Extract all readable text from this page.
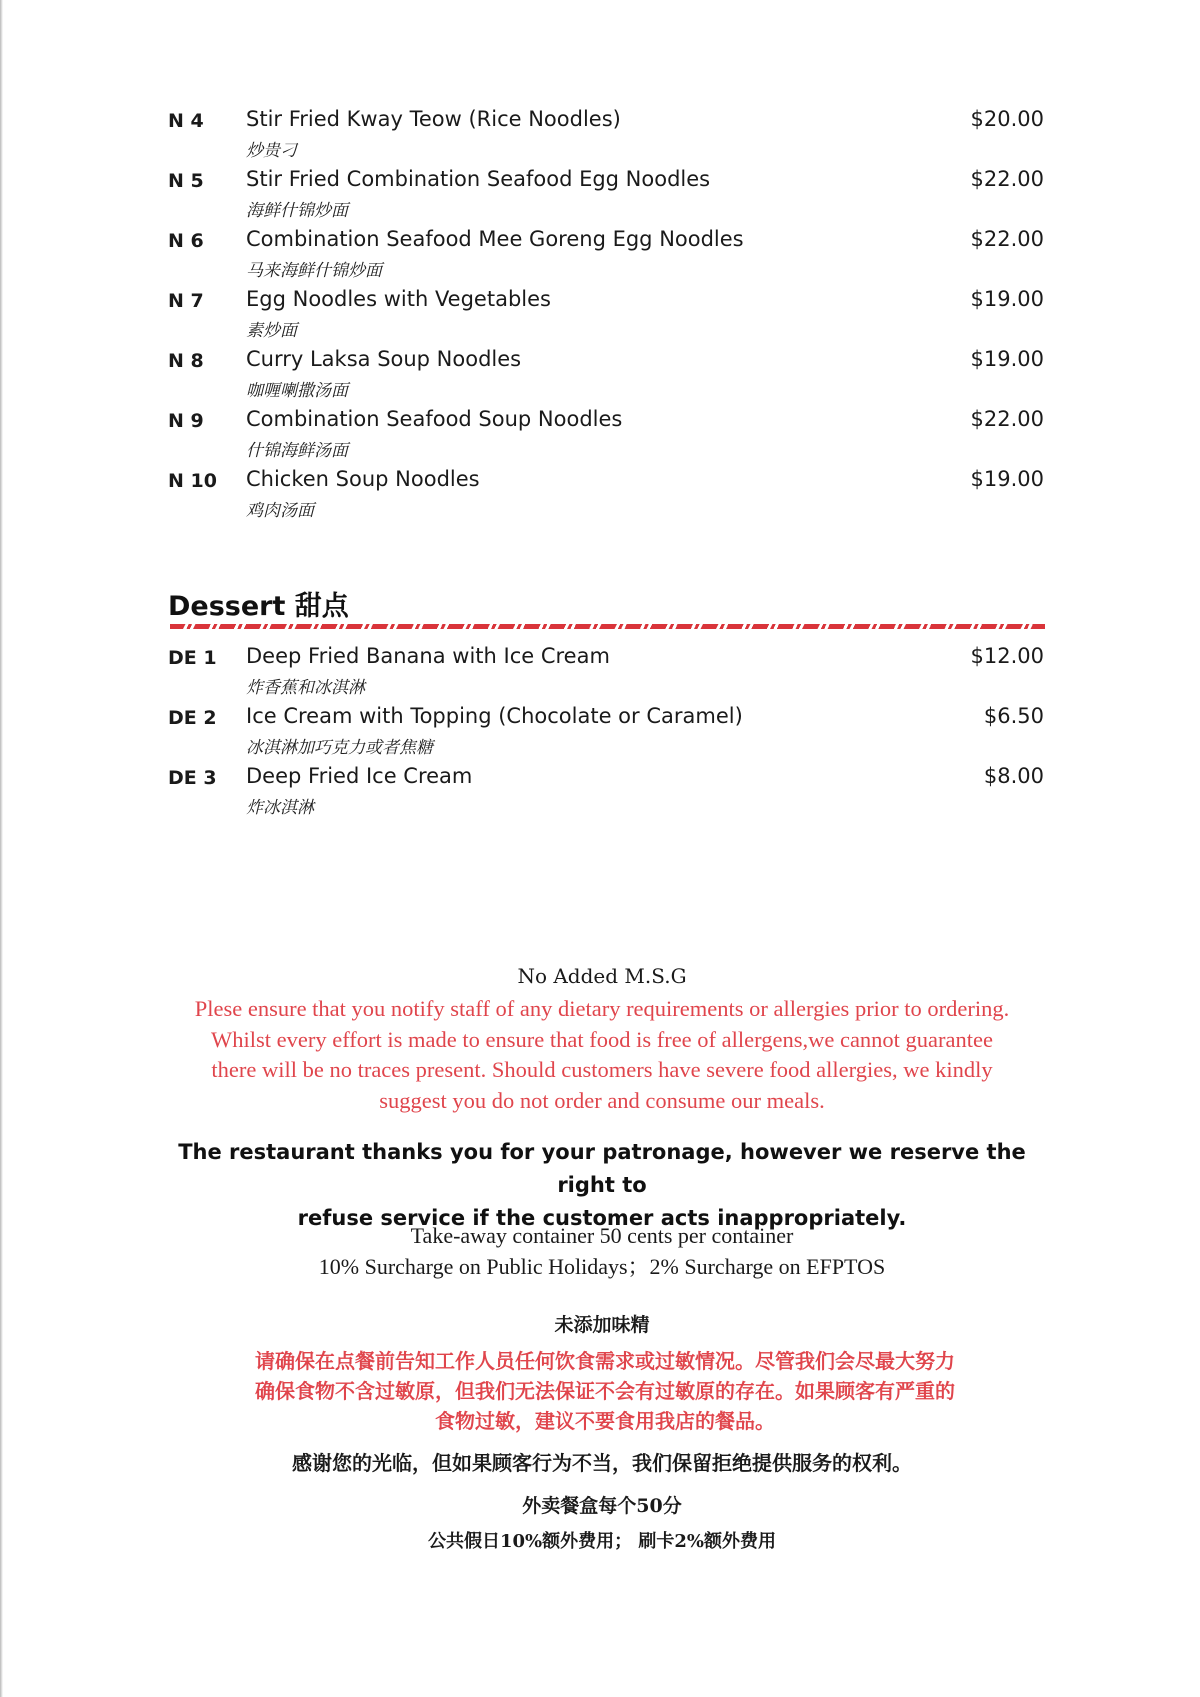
N 4 Stir Fried Kway Teow (Rice Noodles)
炒贵刁
$20.00
N 5 Stir Fried Combination Seafood Egg Noodles
海鲜什锦炒面
$22.00
N 6 Combination Seafood Mee Goreng Egg Noodles
马来海鲜什锦炒面
$22.00
N 7 Egg Noodles with Vegetables
素炒面
$19.00
N 8 Curry Laksa Soup Noodles
咖喱喇撒汤面
$19.00
N 9 Combination Seafood Soup Noodles
什锦海鲜汤面
$22.00
N 10 Chicken Soup Noodles
鸡肉汤面
$19.00
Dessert 甜点
DE 1 Deep Fried Banana with Ice Cream
炸香蕉和冰淇淋
$12.00
DE 2 Ice Cream with Topping (Chocolate or Caramel)
冰淇淋加巧克力或者焦糖
$6.50
DE 3 Deep Fried Ice Cream
炸冰淇淋
$8.00
No Added M.S.G
Plese ensure that you notify staff of any dietary requirements or allergies prior to ordering.
Whilst every effort is made to ensure that food is free of allergens,we cannot guarantee
there will be no traces present. Should customers have severe food allergies, we kindly
suggest you do not order and consume our meals.
The restaurant thanks you for your patronage, however we reserve the right to
refuse service if the customer acts inappropriately.
Take-away container 50 cents per container
10% Surcharge on Public Holidays；2% Surcharge on EFPTOS
未添加味精
请确保在点餐前告知工作人员任何饮食需求或过敏情况。尽管我们会尽最大努力
确保食物不含过敏原，但我们无法保证不会有过敏原的存在。如果顾客有严重的
食物过敏，建议不要食用我店的餐品。
感谢您的光临，但如果顾客行为不当，我们保留拒绝提供服务的权利。
外卖餐盒每个50分
公共假日10%额外费用； 刷卡2%额外费用
